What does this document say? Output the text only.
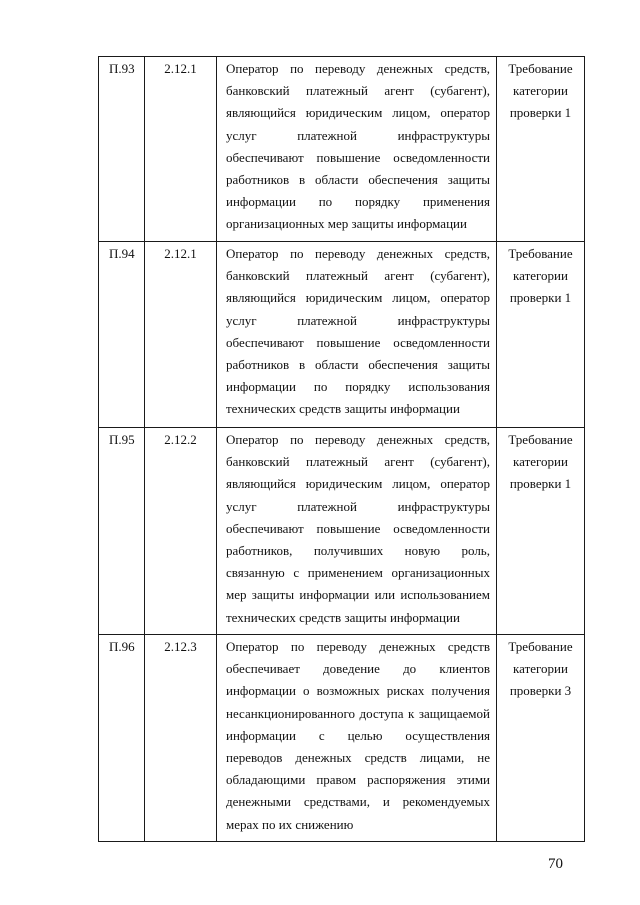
П.93	2.12.1	Оператор по переводу денежных средств, банковский платежный агент (субагент), являющийся юридическим лицом, оператор услуг платежной инфраструктуры обеспечивают повышение осведомленности работников в области обеспечения защиты информации по порядку применения организационных мер защиты информации	Требование категории проверки 1
П.94	2.12.1	Оператор по переводу денежных средств, банковский платежный агент (субагент), являющийся юридическим лицом, оператор услуг платежной инфраструктуры обеспечивают повышение осведомленности работников в области обеспечения защиты информации по порядку использования технических средств защиты информации	Требование категории проверки 1
П.95	2.12.2	Оператор по переводу денежных средств, банковский платежный агент (субагент), являющийся юридическим лицом, оператор услуг платежной инфраструктуры обеспечивают повышение осведомленности работников, получивших новую роль, связанную с применением организационных мер защиты информации или использованием технических средств защиты информации	Требование категории проверки 1
П.96	2.12.3	Оператор по переводу денежных средств обеспечивает доведение до клиентов информации о возможных рисках получения несанкционированного доступа к защищаемой информации с целью осуществления переводов денежных средств лицами, не обладающими правом распоряжения этими денежными средствами, и рекомендуемых мерах по их снижению	Требование категории проверки 3
70
